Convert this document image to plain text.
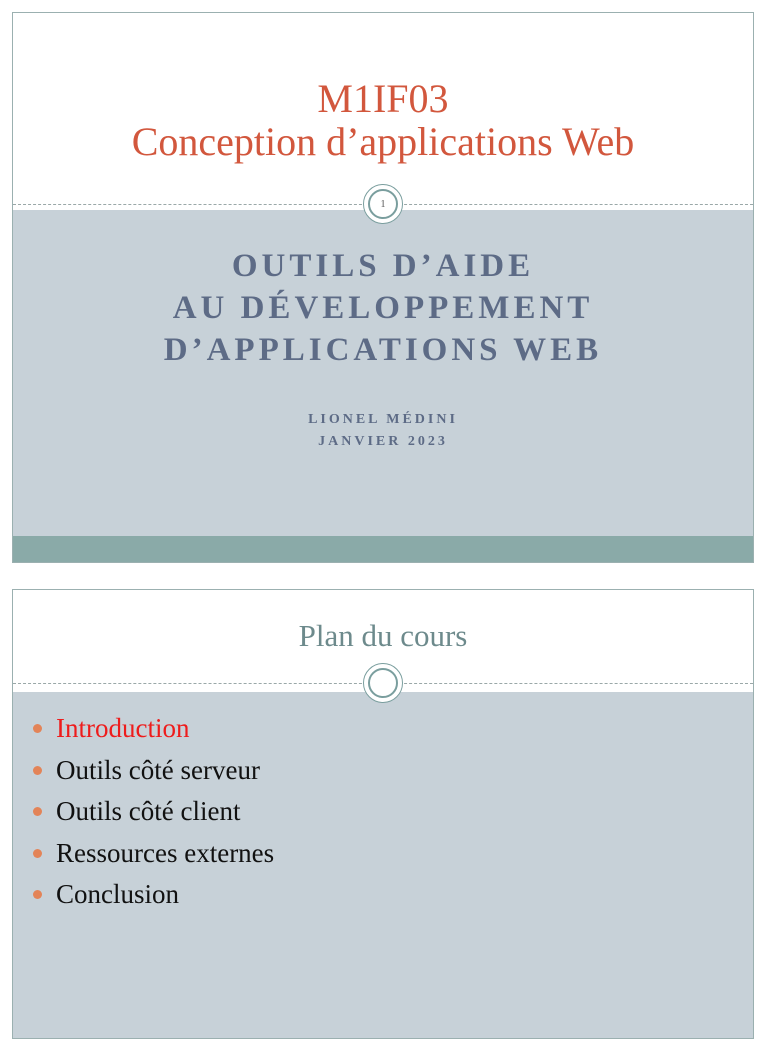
M1IF03
Conception d’applications Web
1
OUTILS D’AIDE
AU DÉVELOPPEMENT
D’APPLICATIONS WEB
LIONEL MÉDINI
JANVIER 2023
Plan du cours
Introduction
Outils côté serveur
Outils côté client
Ressources externes
Conclusion
